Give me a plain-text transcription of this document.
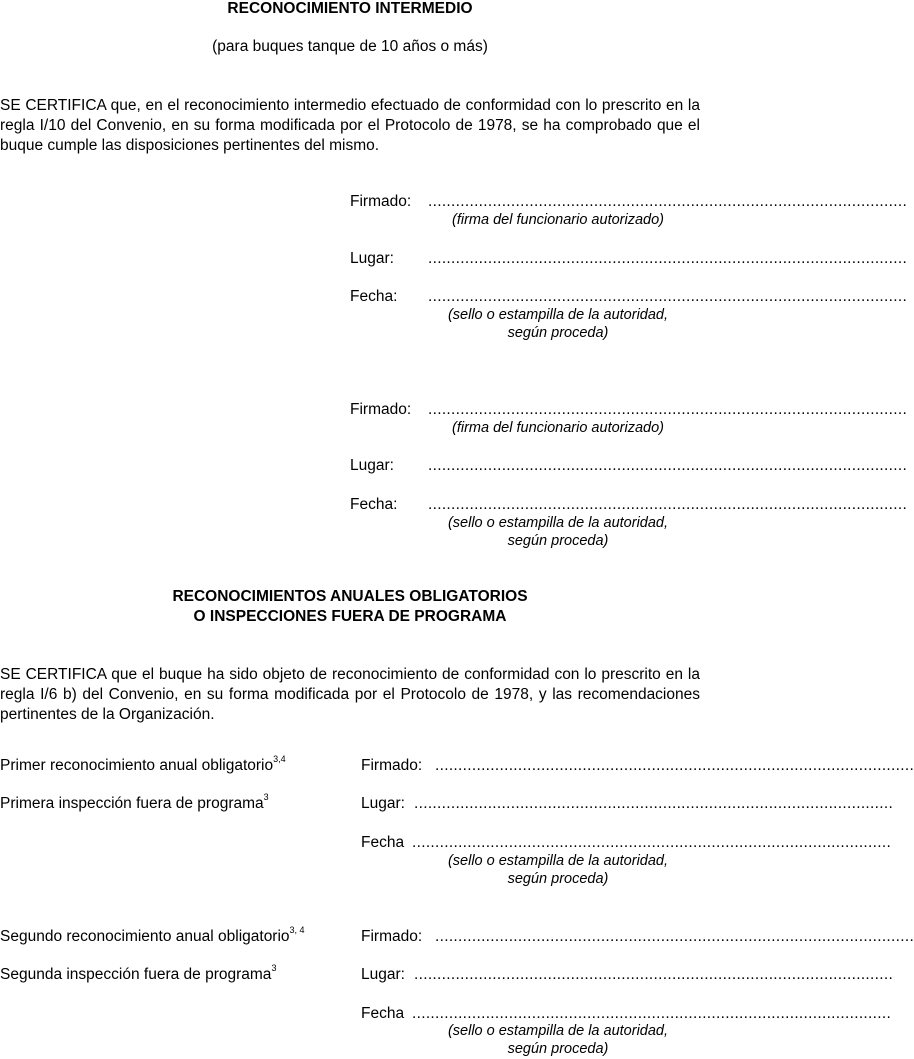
RECONOCIMIENTO INTERMEDIO
(para buques tanque de 10 años o más)
SE CERTIFICA que, en el reconocimiento intermedio efectuado de conformidad con lo prescrito en la regla I/10 del Convenio, en su forma modificada por el Protocolo de 1978, se ha comprobado que el buque cumple las disposiciones pertinentes del mismo.
Firmado: ........................................................................................................
(firma del funcionario autorizado)
Lugar: ........................................................................................................
Fecha: ........................................................................................................
(sello o estampilla de la autoridad,
según proceda)
Firmado: ........................................................................................................
(firma del funcionario autorizado)
Lugar: ........................................................................................................
Fecha: ........................................................................................................
(sello o estampilla de la autoridad,
según proceda)
RECONOCIMIENTOS ANUALES OBLIGATORIOS
O INSPECCIONES FUERA DE PROGRAMA
SE CERTIFICA que el buque ha sido objeto de reconocimiento de conformidad con lo prescrito en la regla I/6 b) del Convenio, en su forma modificada por el Protocolo de 1978, y las recomendaciones pertinentes de la Organización.
Primer reconocimiento anual obligatorio$^{3,4}$
Primera inspección fuera de programa$^3$
Firmado: ........................................................................................................
Lugar: ........................................................................................................
Fecha ........................................................................................................
(sello o estampilla de la autoridad,
según proceda)
Segundo reconocimiento anual obligatorio$^{3, 4}$
Segunda inspección fuera de programa$^3$
Firmado: ........................................................................................................
Lugar: ........................................................................................................
Fecha ........................................................................................................
(sello o estampilla de la autoridad,
según proceda)
